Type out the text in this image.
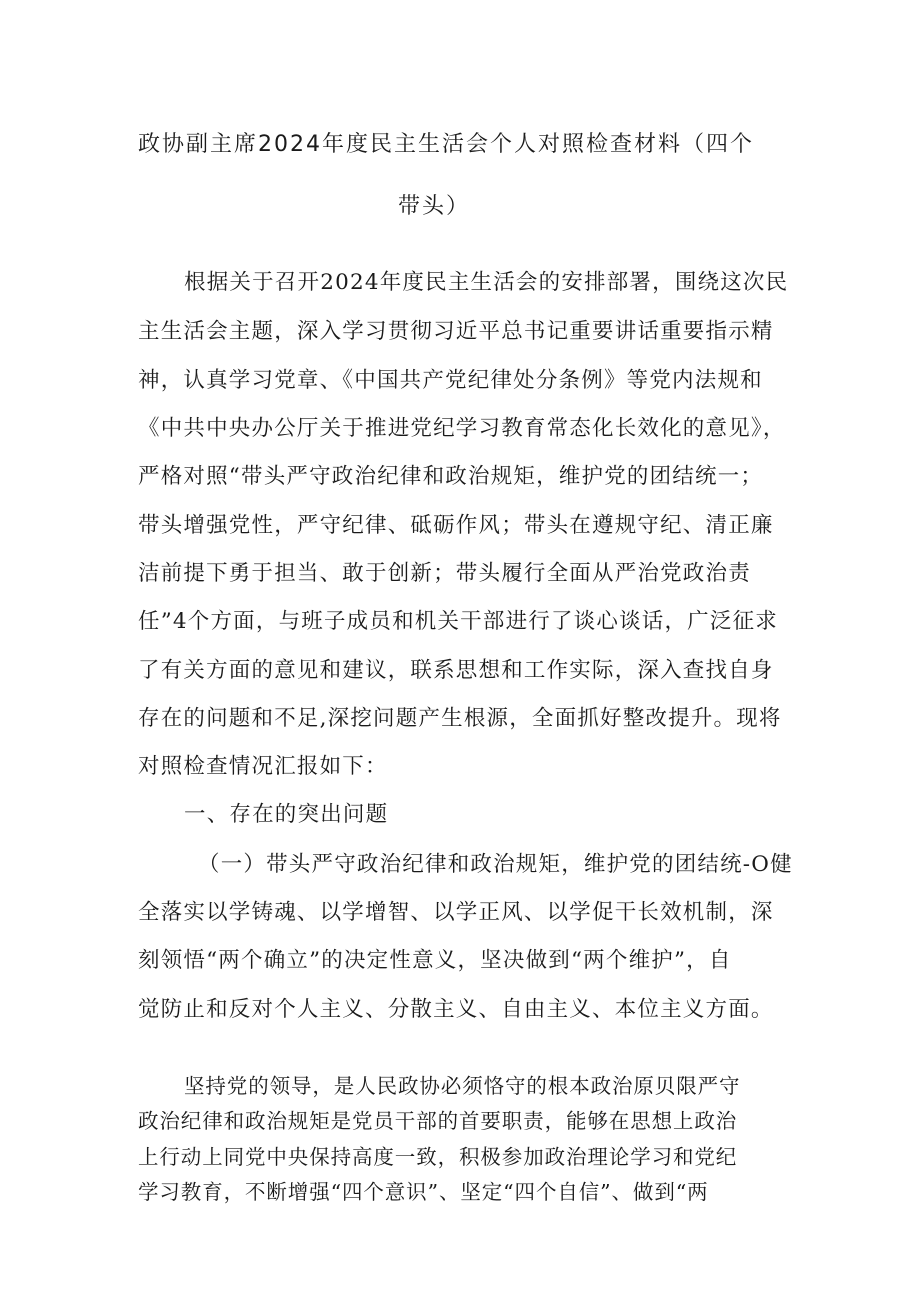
政协副主席2024年度民主生活会个人对照检查材料（四个
带头）
根据关于召开2024年度民主生活会的安排部署，围绕这次民
主生活会主题，深入学习贯彻习近平总书记重要讲话重要指示精
神，认真学习党章、《中国共产党纪律处分条例》等党内法规和
《中共中央办公厅关于推进党纪学习教育常态化长效化的意见》，
严格对照“带头严守政治纪律和政治规矩，维护党的团结统一；
带头增强党性，严守纪律、砥砺作风；带头在遵规守纪、清正廉
洁前提下勇于担当、敢于创新；带头履行全面从严治党政治责
任”4个方面，与班子成员和机关干部进行了谈心谈话，广泛征求
了有关方面的意见和建议，联系思想和工作实际，深入查找自身
存在的问题和不足,深挖问题产生根源，全面抓好整改提升。现将
对照检查情况汇报如下：
一、存在的突出问题
（一）带头严守政治纪律和政治规矩，维护党的团结统-O健
全落实以学铸魂、以学增智、以学正风、以学促干长效机制，深
刻领悟“两个确立”的决定性意义，坚决做到“两个维护”，自
觉防止和反对个人主义、分散主义、自由主义、本位主义方面。
坚持党的领导，是人民政协必须恪守的根本政治原贝限严守
政治纪律和政治规矩是党员干部的首要职责，能够在思想上政治
上行动上同党中央保持高度一致，积极参加政治理论学习和党纪
学习教育，不断增强“四个意识”、坚定“四个自信”、做到“两
